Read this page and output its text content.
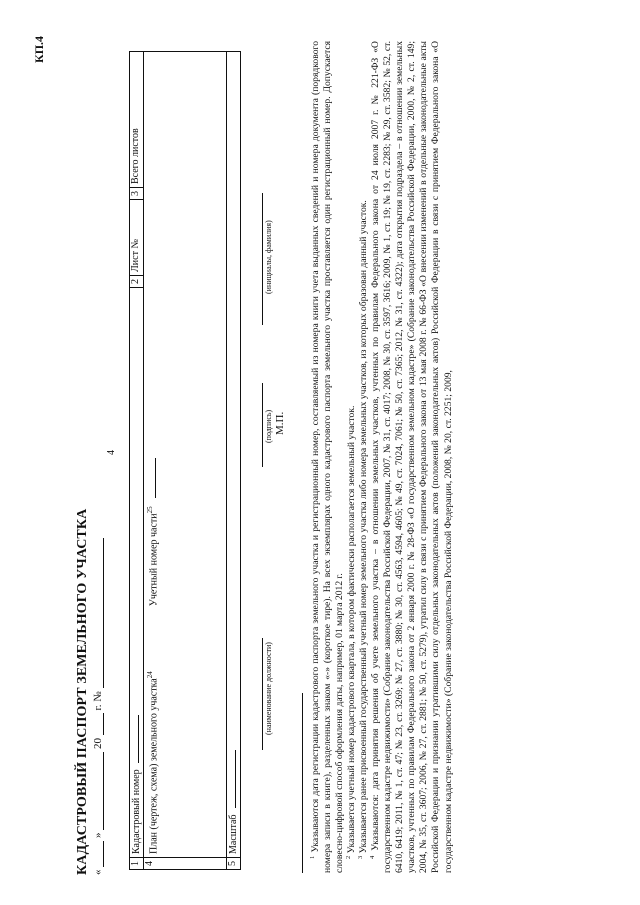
КП.4
4
КАДАСТРОВЫЙ ПАСПОРТ ЗЕМЕЛЬНОГО УЧАСТКА «  »  20  г. №
1	Кадастровый номер	2	Лист №	3	Всего листов
4	План (чертеж, схема) земельного участка$^{24}$  Учетный номер части$^{25}$
5	Масштаб				
(наименование должности)
(подпись) М.П.
(инициалы, фамилия)

$^1$ Указываются дата регистрации кадастрового паспорта земельного участка и регистрационный номер, составляемый из номера книги учета выданных сведений и номера документа (порядкового номера записи в книге), разделенных знаком «-» (короткое тире). На всех экземплярах одного кадастрового паспорта земельного участка проставляется один регистрационный номер. Допускается словесно-цифровой способ оформления даты, например, 01 марта 2012 г. $^2$ Указывается учетный номер кадастрового квартала, в котором фактически располагается земельный участок.

$^3$ Указывается ранее присвоенный государственный учетный номер земельного участка либо номера земельных участков, из которых образован данный участок.

$^4$ Указываются: дата принятия решения об учете земельного участка – в отношении земельных участков, учтенных по правилам Федерального закона от 24 июля 2007 г. № 221-ФЗ «О государственном кадастре недвижимости» (Собрание законодательства Российской Федерации, 2007, № 31, ст. 4017; 2008, № 30, ст. 3597, 3616; 2009, № 1, ст. 19; № 19, ст. 2283; № 29, ст. 3582; № 52, ст. 6410, 6419; 2011, № 1, ст. 47; № 23, ст. 3269; № 27, ст. 3880; № 30, ст. 4563, 4594, 4605; № 49, ст. 7024, 7061; № 50, ст. 7365; 2012, № 31, ст. 4322); дата открытия подраздела – в отношении земельных участков, учтенных по правилам Федерального закона от 2 января 2000 г. № 28-ФЗ «О государственном земельном кадастре» (Собрание законодательства Российской Федерации, 2000, № 2, ст. 149; 2004, № 35, ст. 3607; 2006, № 27, ст. 2881; № 50, ст. 5279), утратил силу в связи с принятием Федерального закона от 13 мая 2008 г. № 66-ФЗ «О внесении изменений в отдельные законодательные акты Российской Федерации и признании утратившими силу отдельных законодательных актов (положений законодательных актов) Российской Федерации в связи с принятием Федерального закона «О государственном кадастре недвижимости» (Собрание законодательства Российской Федерации, 2008, № 20, ст. 2251; 2009,
